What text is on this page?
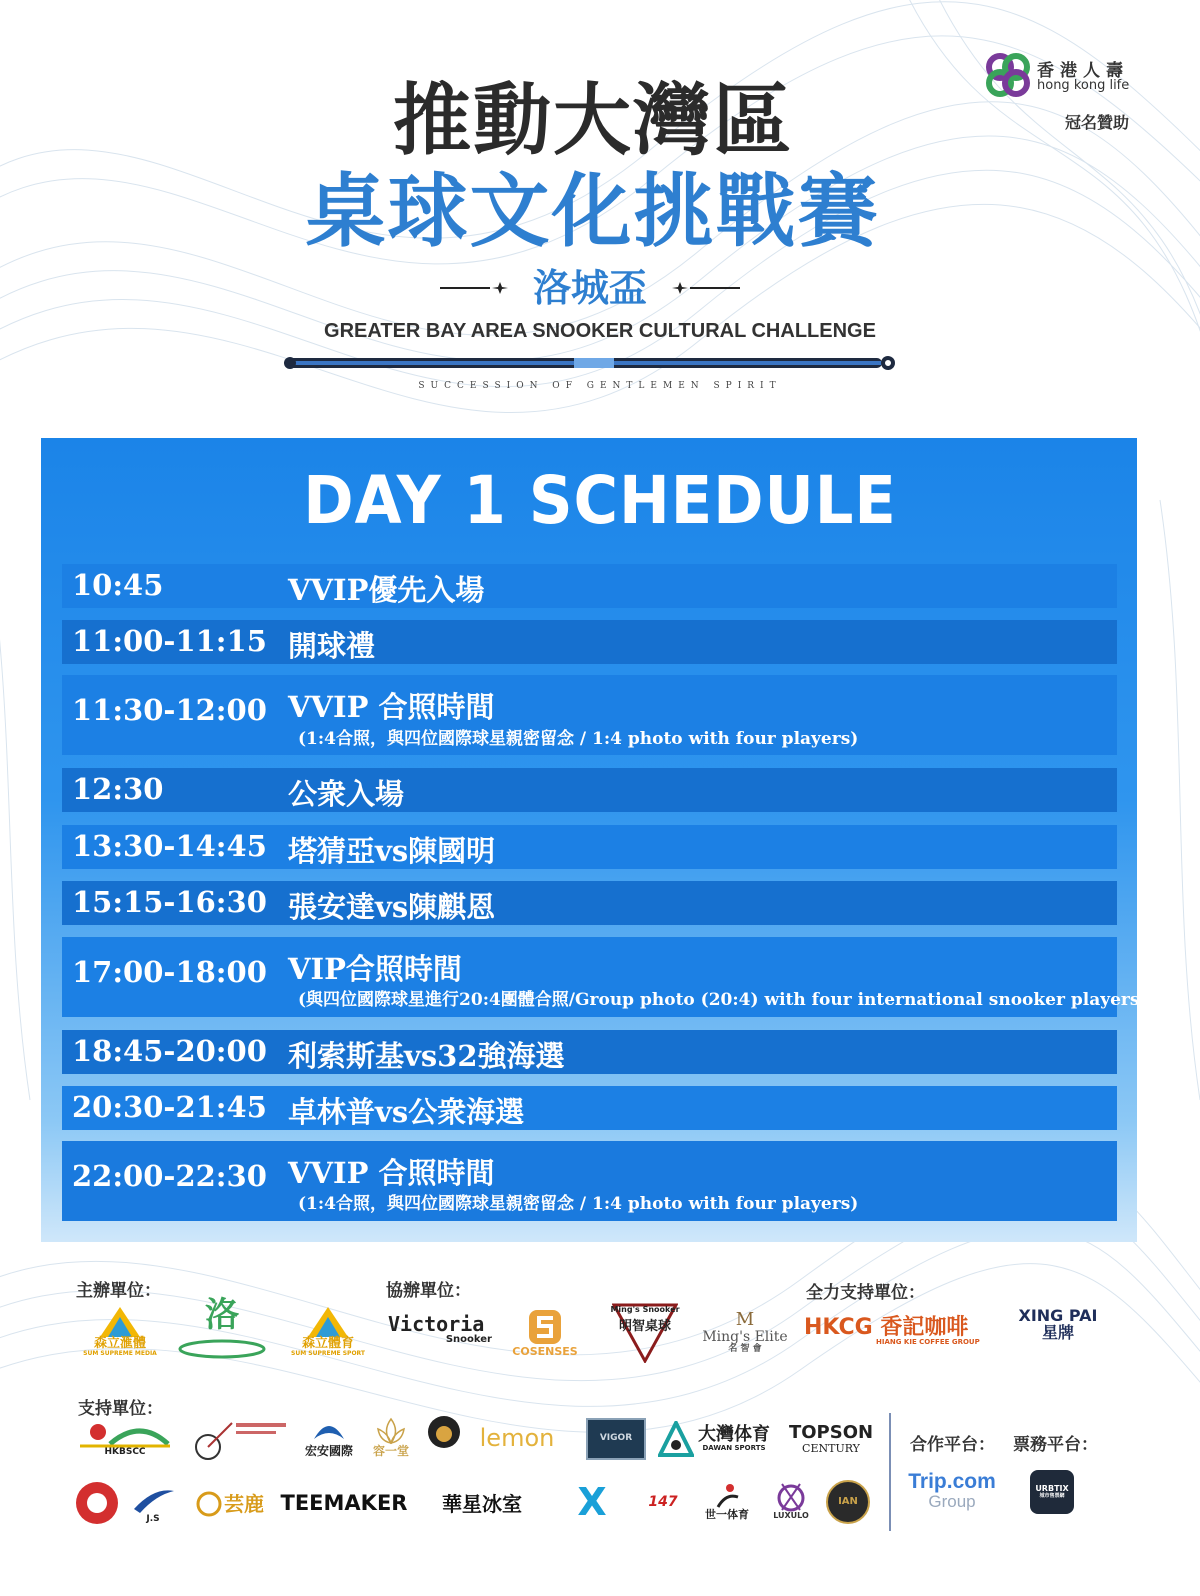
香港人壽
hong kong life
冠名贊助
推動大灣區
桌球文化挑戰賽
洛城盃
GREATER BAY AREA SNOOKER CULTURAL CHALLENGE
SUCCESSION OF GENTLEMEN SPIRIT
DAY 1 SCHEDULE
10:45	VVIP優先入場
11:00-11:15 開球禮
11:30-12:00 VVIP 合照時間
(1:4合照，與四位國際球星親密留念 / 1:4 photo with four players)
12:30	公衆入場
13:30-14:45 塔猜亞vs陳國明
15:15-16:30 張安達vs陳麒恩
17:00-18:00 VIP合照時間
(與四位國際球星進行20:4團體合照/Group photo (20:4) with four international snooker players)
18:45-20:00 利索斯基vs32強海選
20:30-21:45 卓林普vs公衆海選
22:00-22:30 VVIP 合照時間
(1:4合照，與四位國際球星親密留念 / 1:4 photo with four players)
主辦單位：	協辦單位：	全力支持單位：
支持單位：
合作平台： 票務平台：
森立滙體
SUM SUPREME MEDIA
洛
森立體育
SUM SUPREME SPORT
Victoria
Snooker
COSENSES
明智桌球
Ming's Snooker	M
Ming's Elite
名 智 會
HKCG 香記咖啡
HIANG KIE COFFEE GROUP
XING PAI 星牌
HKBSCC	宏安國際 容一堂	lemon	VIGOR	大灣体育
DAWAN SPORTS
TOPSON
CENTURY
J.S
芸鹿 TEEMAKER 華星冰室 X	147
世一体育	LUXULO
IAN
Trip.com
Group
URBTIX
城市售票網
